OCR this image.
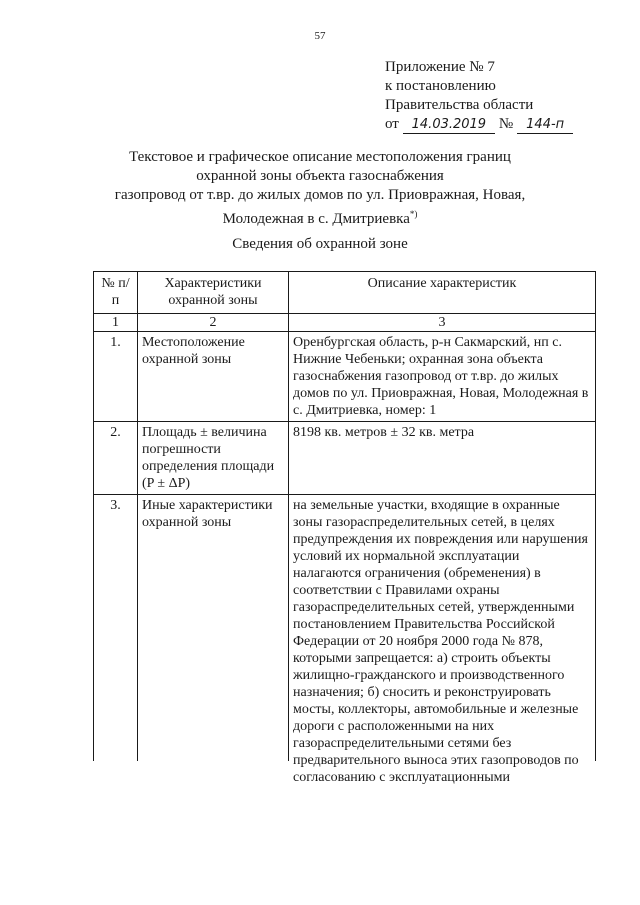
57
Приложение № 7
к постановлению
Правительства области
от 14.03.2019 № 144-п
Текстовое и графическое описание местоположения границ
охранной зоны объекта газоснабжения
газопровод от т.вр. до жилых домов по ул. Приовражная, Новая,
Молодежная в с. Дмитриевка*)
Сведения об охранной зоне
№ п/п	Характеристики охранной зоны	Описание характеристик
1	2	3
1.	Местоположение охранной зоны	Оренбургская область, р-н Сакмарский, нп с. Нижние Чебеньки; охранная зона объекта газоснабжения газопровод от т.вр. до жилых домов по ул. Приовражная, Новая, Молодежная в с. Дмитриевка, номер: 1
2.	Площадь ± величина погрешности определения площади (P ± ΔP)	8198 кв. метров ± 32 кв. метра
3.	Иные характеристики охранной зоны	на земельные участки, входящие в охранные зоны газораспределительных сетей, в целях предупреждения их повреждения или нарушения условий их нормальной эксплуатации налагаются ограничения (обременения) в соответствии с Правилами охраны газораспределительных сетей, утвержденными постановлением Правительства Российской Федерации от 20 ноября 2000 года № 878, которыми запрещается: а) строить объекты жилищно-гражданского и производственного назначения; б) сносить и реконструировать мосты, коллекторы, автомобильные и железные дороги с расположенными на них газораспределительными сетями без предварительного выноса этих газопроводов по согласованию с эксплуатационными
